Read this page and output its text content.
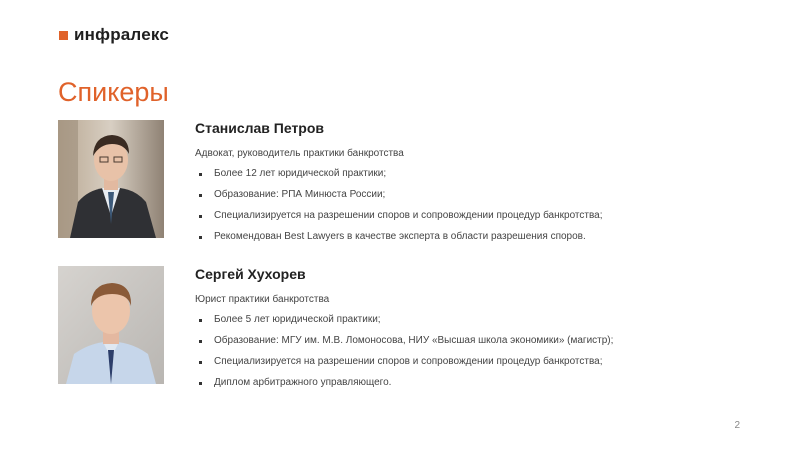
инфралекс
Спикеры

Станислав Петров

Адвокат, руководитель практики банкротства

Более 12 лет юридической практики;
Образование: РПА Минюста России;
Специализируется на разрешении споров и сопровождении процедур банкротства;
Рекомендован Best Lawyers в качестве эксперта в области разрешения споров.

Сергей Хухорев

Юрист практики банкротства

Более 5 лет юридической практики;
Образование: МГУ им. М.В. Ломоносова, НИУ «Высшая школа экономики» (магистр);
Специализируется на разрешении споров и сопровождении процедур банкротства;
Диплом арбитражного управляющего.
2
